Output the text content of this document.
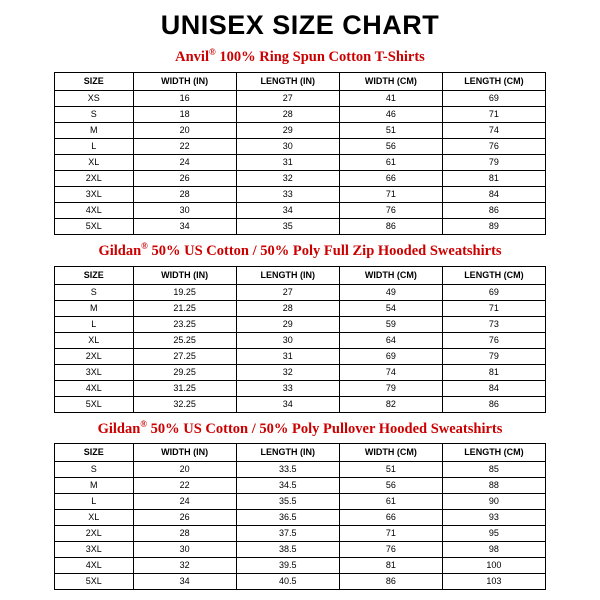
UNISEX SIZE CHART
Anvil® 100% Ring Spun Cotton T-Shirts
SIZE	WIDTH (IN)	LENGTH (IN)	WIDTH (CM)	LENGTH (CM)
XS	16	27	41	69
S	18	28	46	71
M	20	29	51	74
L	22	30	56	76
XL	24	31	61	79
2XL	26	32	66	81
3XL	28	33	71	84
4XL	30	34	76	86
5XL	34	35	86	89
Gildan® 50% US Cotton / 50% Poly Full Zip Hooded Sweatshirts
SIZE	WIDTH (IN)	LENGTH (IN)	WIDTH (CM)	LENGTH (CM)
S	19.25	27	49	69
M	21.25	28	54	71
L	23.25	29	59	73
XL	25.25	30	64	76
2XL	27.25	31	69	79
3XL	29.25	32	74	81
4XL	31.25	33	79	84
5XL	32.25	34	82	86
Gildan® 50% US Cotton / 50% Poly Pullover Hooded Sweatshirts
SIZE	WIDTH (IN)	LENGTH (IN)	WIDTH (CM)	LENGTH (CM)
S	20	33.5	51	85
M	22	34.5	56	88
L	24	35.5	61	90
XL	26	36.5	66	93
2XL	28	37.5	71	95
3XL	30	38.5	76	98
4XL	32	39.5	81	100
5XL	34	40.5	86	103
